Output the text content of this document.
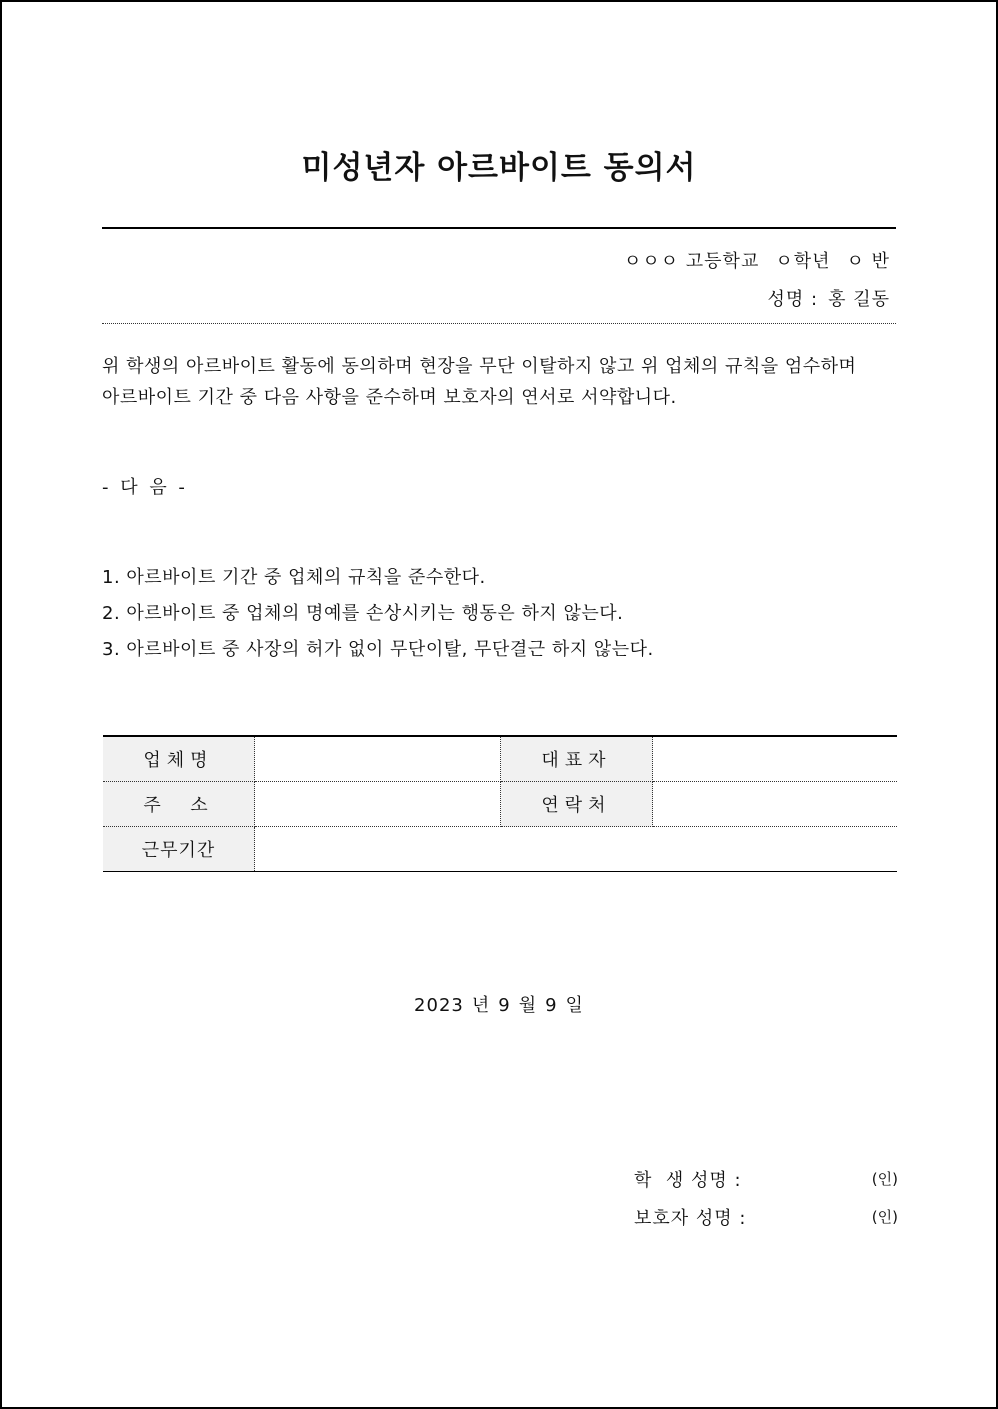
미성년자 아르바이트 동의서
ㅇㅇㅇ 고등학교 ㅇ학년 ㅇ 반
성명 : 홍 길동

위 학생의 아르바이트 활동에 동의하며 현장을 무단 이탈하지 않고 위 업체의 규칙을 엄수하며

아르바이트 기간 중 다음 사항을 준수하며 보호자의 연서로 서약합니다.

- 다 음 -
1. 아르바이트 기간 중 업체의 규칙을 준수한다.
2. 아르바이트 중 업체의 명예를 손상시키는 행동은 하지 않는다.
3. 아르바이트 중 사장의 허가 없이 무단이탈, 무단결근 하지 않는다.
업체명		대표자	
주  소		연락처	
근무기간			
2023 년 9 월 9 일
학  생 성명 :	(인)
보호자 성명 :	(인)
